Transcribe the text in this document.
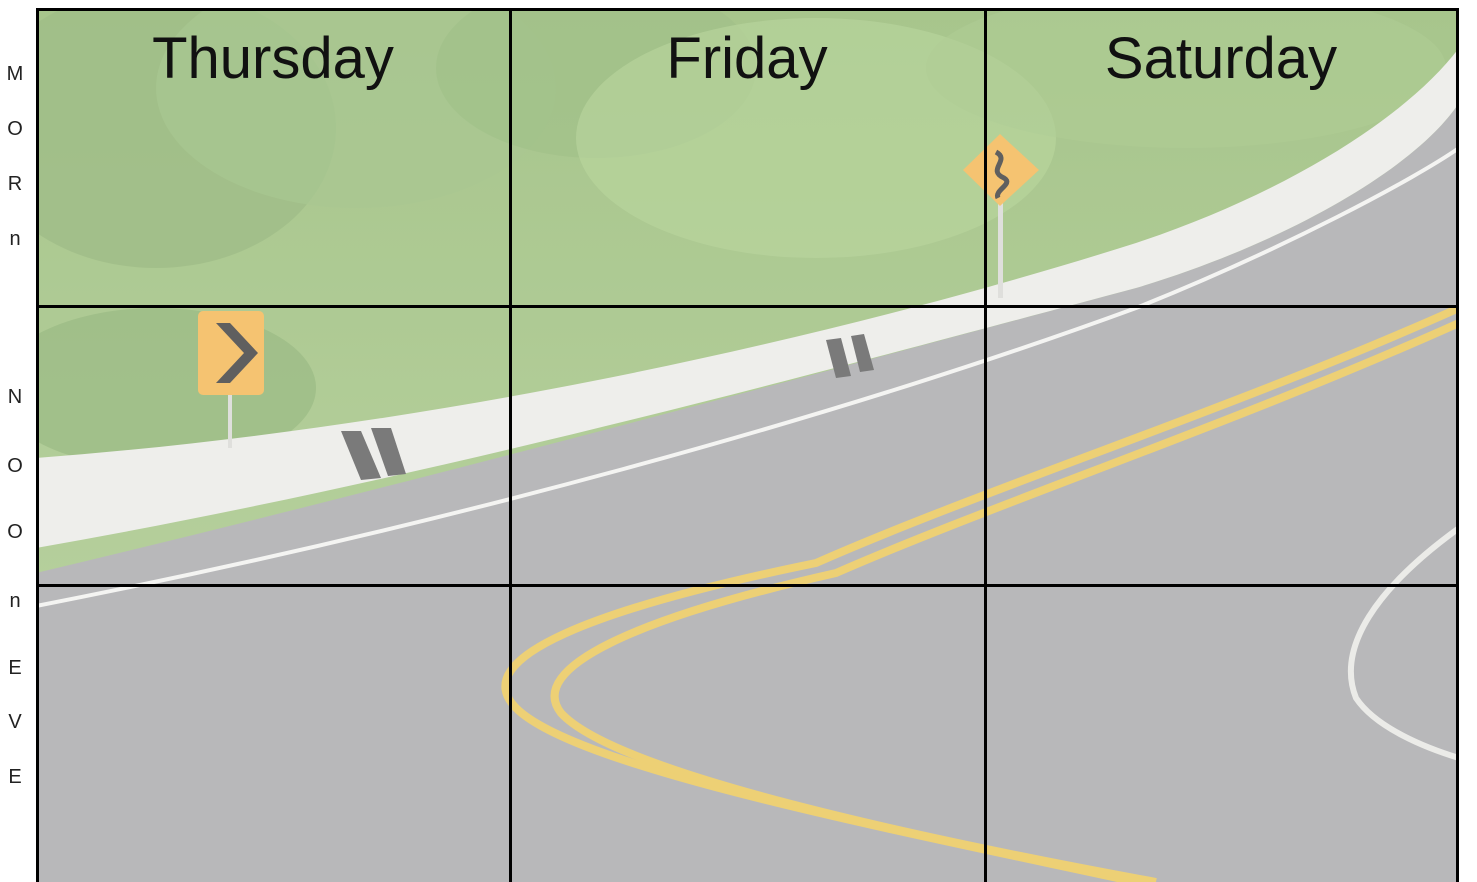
M
O
R
n
N
O
O
n
E
V
E
Thursday	Friday	Saturday
